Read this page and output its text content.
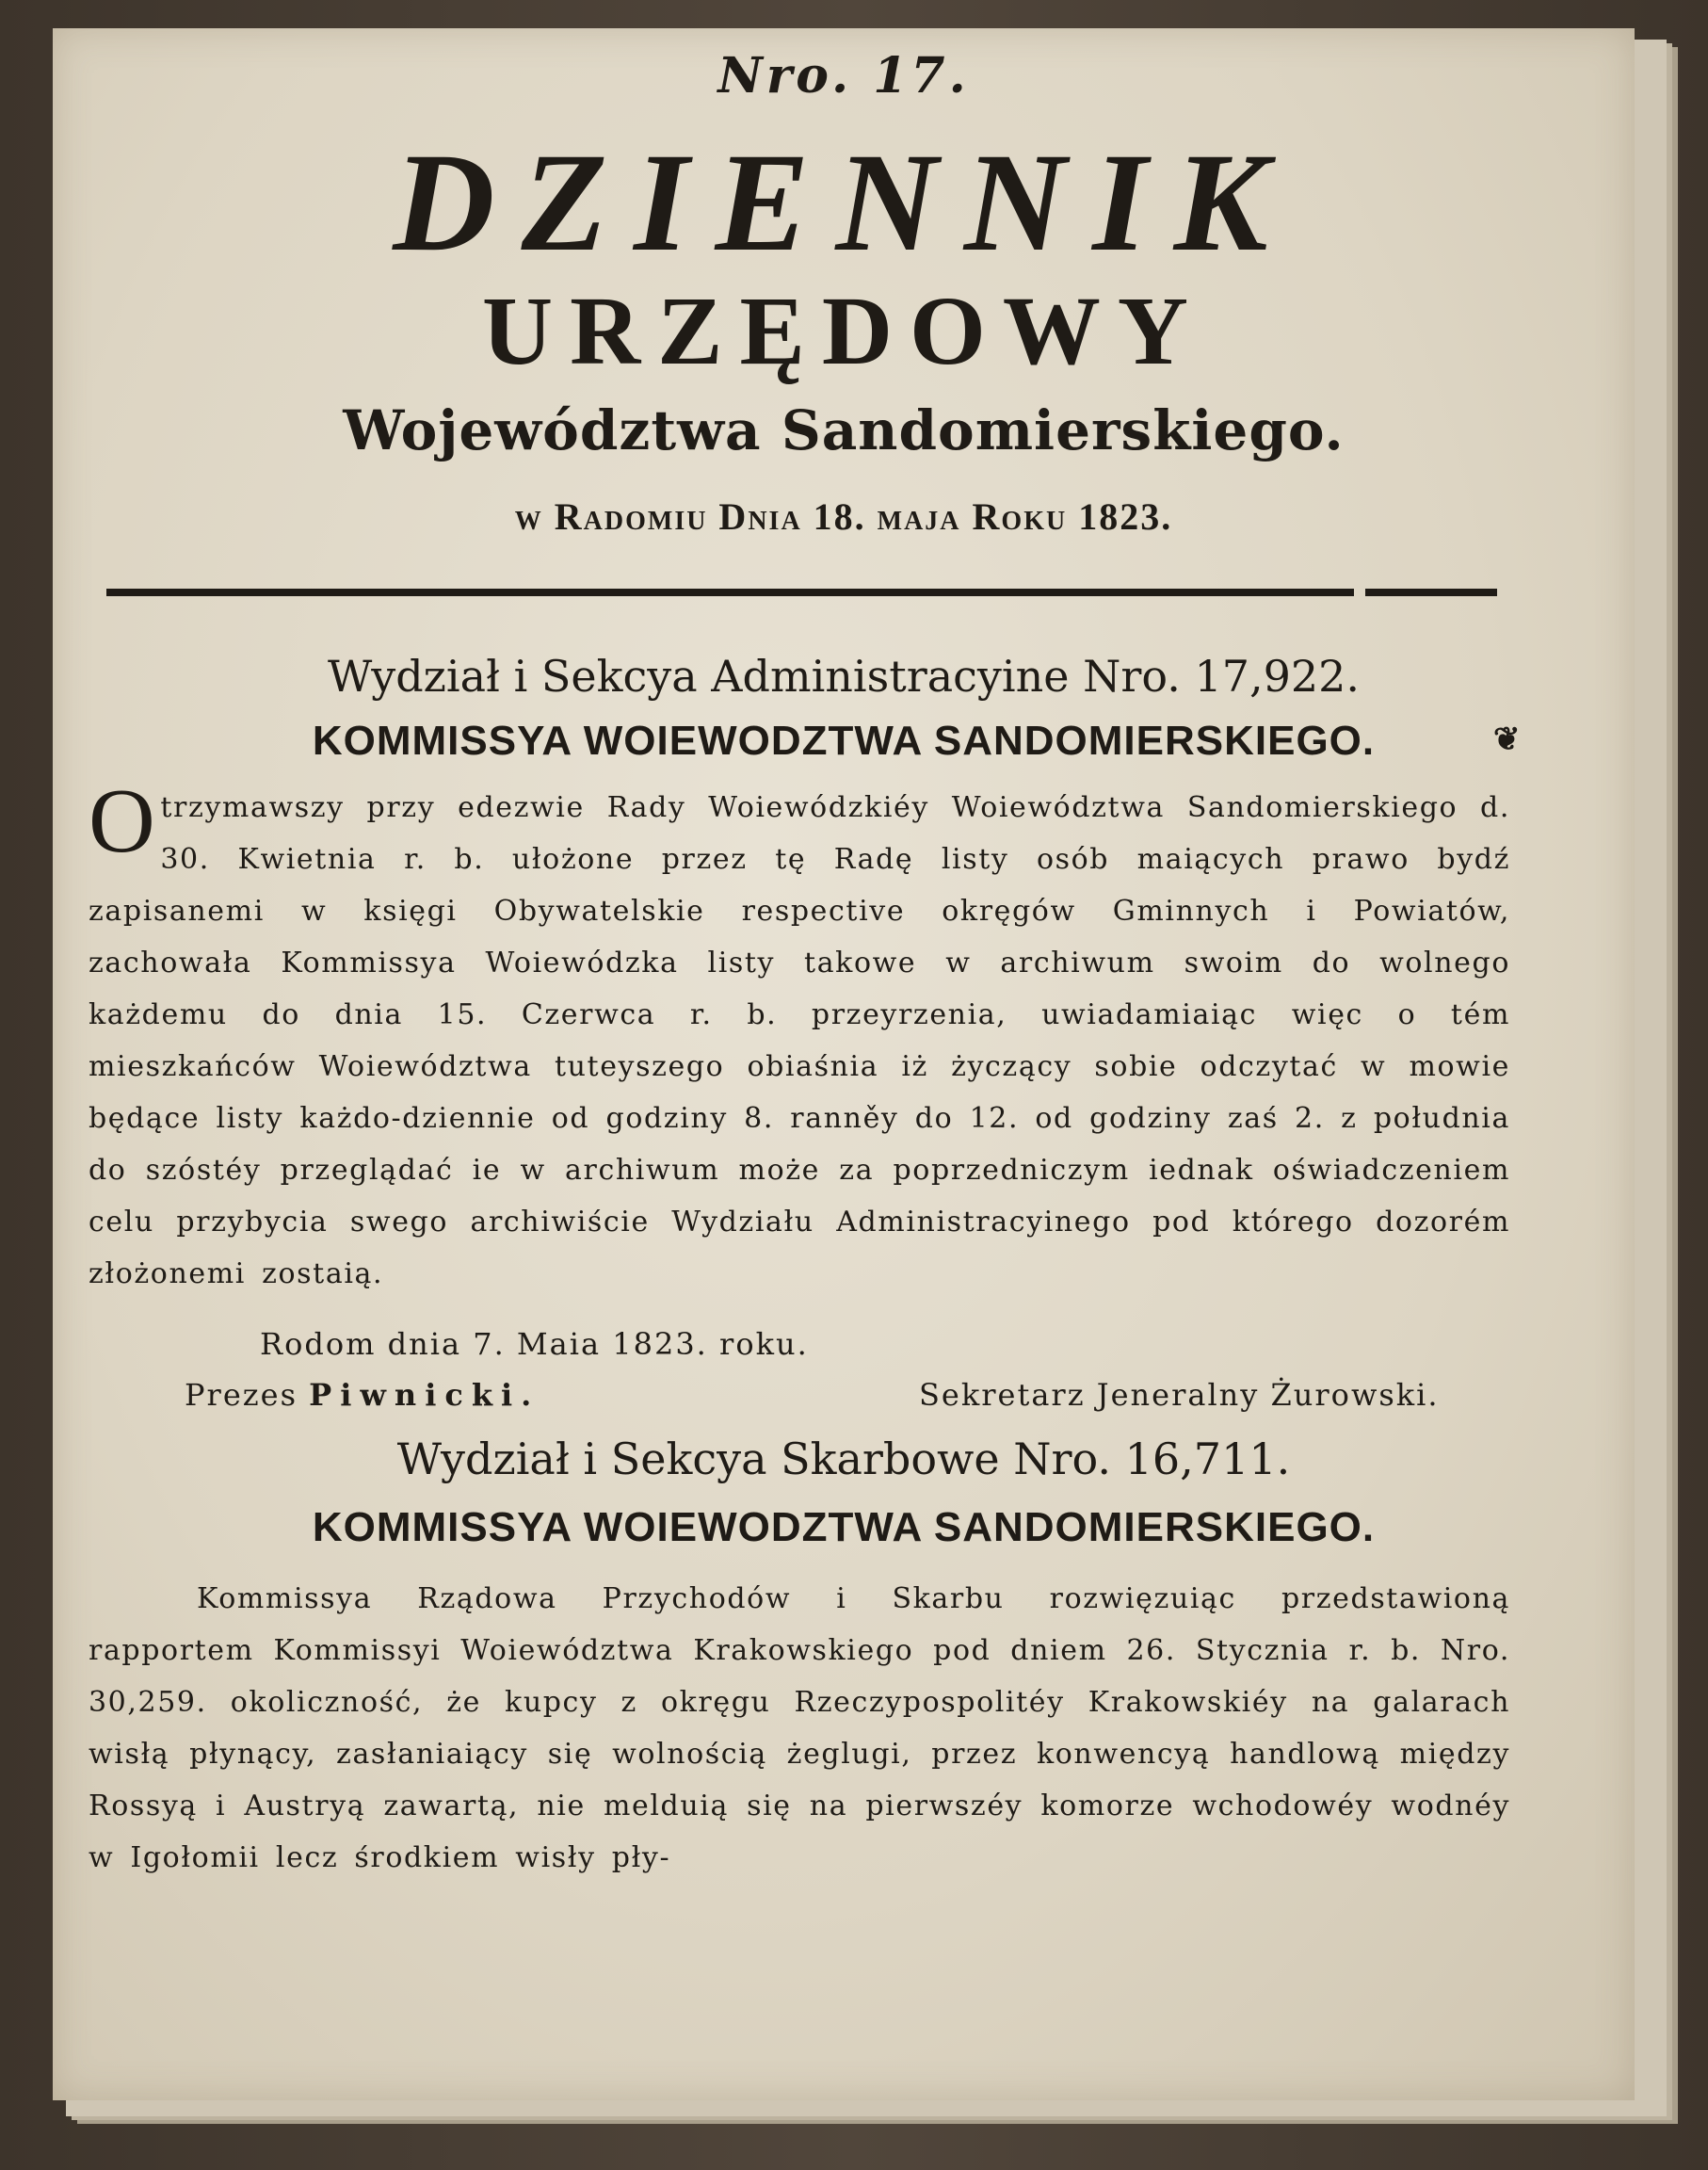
Nro. 17.
DZIENNIK
URZĘDOWY
Województwa Sandomierskiego.
w Radomiu Dnia 18. maja Roku 1823.
Wydział i Sekcya Administracyine Nro. 17,922.
KOMMISSYA WOIEWODZTWA SANDOMIERSKIEGO.	❦
Otrzymawszy przy edezwie Rady Woiewódzkiéy Woiewództwa Sandomierskiego d. 30. Kwietnia r. b. ułożone przez tę Radę listy osób maiących prawo bydź zapisanemi w księgi Obywatelskie respective okręgów Gminnych i Powiatów, zachowała Kommissya Woiewódzka listy takowe w archiwum swoim do wolnego każdemu do dnia 15. Czerwca r. b. przeyrzenia, uwiadamiaiąc więc o tém mieszkańców Woiewództwa tuteyszego obiaśnia iż życzący sobie odczytać w mowie będące listy każdo-dziennie od godziny 8. ranněy do 12. od godziny zaś 2. z południa do szóstéy przeglądać ie w archiwum może za poprzedniczym iednak oświadczeniem celu przybycia swego archiwiście Wydziału Administracyinego pod którego dozorém złożonemi zostaią.
Rodom dnia 7. Maia 1823. roku.
Prezes Piwnicki.	Sekretarz Jeneralny Żurowski.
Wydział i Sekcya Skarbowe Nro. 16,711.
KOMMISSYA WOIEWODZTWA SANDOMIERSKIEGO.
Kommissya Rządowa Przychodów i Skarbu rozwięzuiąc przedstawioną rapportem Kommissyi Woiewództwa Krakowskiego pod dniem 26. Stycznia r. b. Nro. 30,259. okoliczność, że kupcy z okręgu Rzeczypospolitéy Krakowskiéy na galarach wisłą płynący, zasłaniaiący się wolnością żeglugi, przez konwencyą handlową między Rossyą i Austryą zawartą, nie melduią się na pierwszéy komorze wchodowéy wodnéy w Igołomii lecz środkiem wisły pły-
